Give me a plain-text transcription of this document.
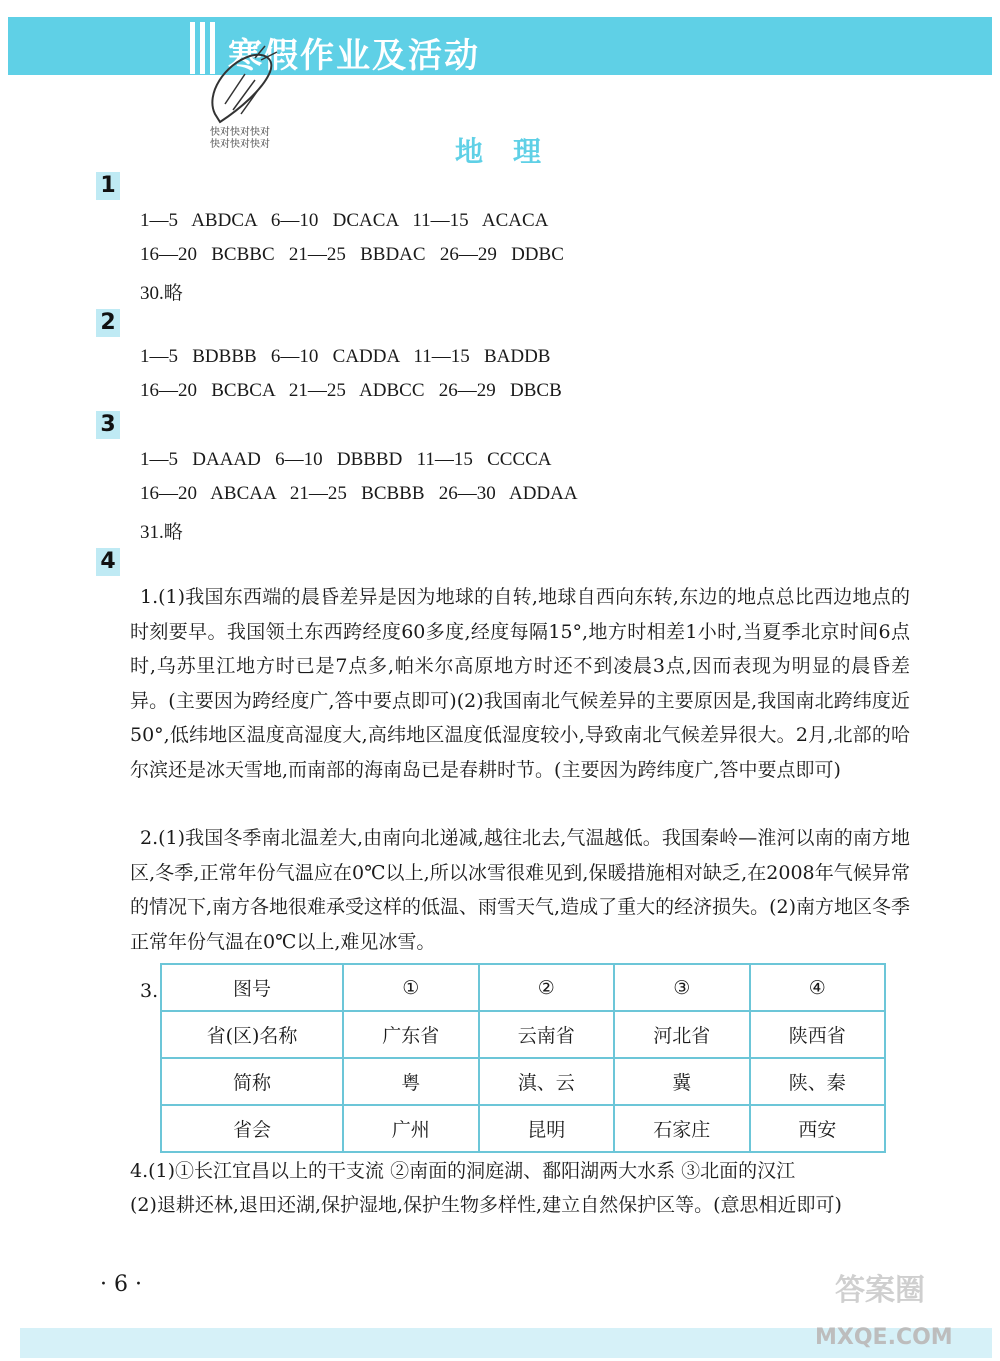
寒假作业及活动
快对快对快对
快对快对快对	地理
1
1—5   ABDCA   6—10   DCACA   11—15   ACACA
16—20   BCBBC   21—25   BBDAC   26—29   DDBC
30.略
2
1—5   BDBBB   6—10   CADDA   11—15   BADDB
16—20   BCBCA   21—25   ADBCC   26—29   DBCB
3
1—5   DAAAD   6—10   DBBBD   11—15   CCCCA
16—20   ABCAA   21—25   BCBBB   26—30   ADDAA
31.略
4
1.(1)我国东西端的晨昏差异是因为地球的自转,地球自西向东转,东边的地点总比西边地点的时刻要早。我国领土东西跨经度60多度,经度每隔15°,地方时相差1小时,当夏季北京时间6点时,乌苏里江地方时已是7点多,帕米尔高原地方时还不到凌晨3点,因而表现为明显的晨昏差异。(主要因为跨经度广,答中要点即可)(2)我国南北气候差异的主要原因是,我国南北跨纬度近50°,低纬地区温度高湿度大,高纬地区温度低湿度较小,导致南北气候差异很大。2月,北部的哈尔滨还是冰天雪地,而南部的海南岛已是春耕时节。(主要因为跨纬度广,答中要点即可)
2.(1)我国冬季南北温差大,由南向北递减,越往北去,气温越低。我国秦岭—淮河以南的南方地区,冬季,正常年份气温应在0℃以上,所以冰雪很难见到,保暖措施相对缺乏,在2008年气候异常的情况下,南方各地很难承受这样的低温、雨雪天气,造成了重大的经济损失。(2)南方地区冬季正常年份气温在0℃以上,难见冰雪。
3.	图号	①	②	③	④
省(区)名称	广东省	云南省	河北省	陕西省
简称	粤	滇、云	冀	陕、秦
省会	广州	昆明	石家庄	西安
4.(1)①长江宜昌以上的干支流 ②南面的洞庭湖、鄱阳湖两大水系 ③北面的汉江
(2)退耕还林,退田还湖,保护湿地,保护生物多样性,建立自然保护区等。(意思相近即可)
· 6 ·	答案圈
MXQE.COM
